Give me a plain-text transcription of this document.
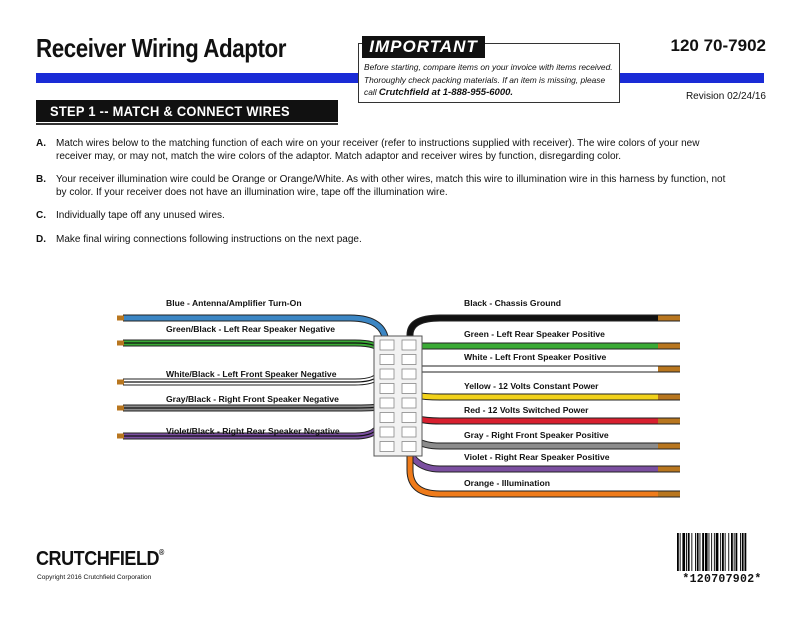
Receiver Wiring Adaptor	120 70-7902
IMPORTANT
Before starting, compare items on your invoice with items received. Thoroughly check packing materials. If an item is missing, please call Crutchfield at 1-888-955-6000.	Revision 02/24/16
STEP 1 -- MATCH & CONNECT WIRES
A.	Match wires below to the matching function of each wire on your receiver (refer to instructions supplied with receiver). The wire colors of your new receiver may, or may not, match the wire colors of the adaptor. Match adaptor and receiver wires by function, disregarding color.
B.	Your receiver illumination wire could be Orange or Orange/White. As with other wires, match this wire to illumination wire in this harness by function, not by color. If your receiver does not have an illumination wire, tape off the illumination wire.
C.	Individually tape off any unused wires.
D.	Make final wiring connections following instructions on the next page.
Blue - Antenna/Amplifier Turn-On
Green/Black - Left Rear Speaker Negative
White/Black - Left Front Speaker Negative
Gray/Black - Right Front Speaker Negative
Violet/Black - Right Rear Speaker Negative
Black - Chassis Ground
Green - Left Rear Speaker Positive
White - Left Front Speaker Positive
Yellow - 12 Volts Constant Power
Red - 12 Volts Switched Power
Gray - Right Front Speaker Positive
Violet - Right Rear Speaker Positive
Orange - Illumination
CRUTCHFIELD®
Copyright 2016 Crutchfield Corporation	*120707902*
